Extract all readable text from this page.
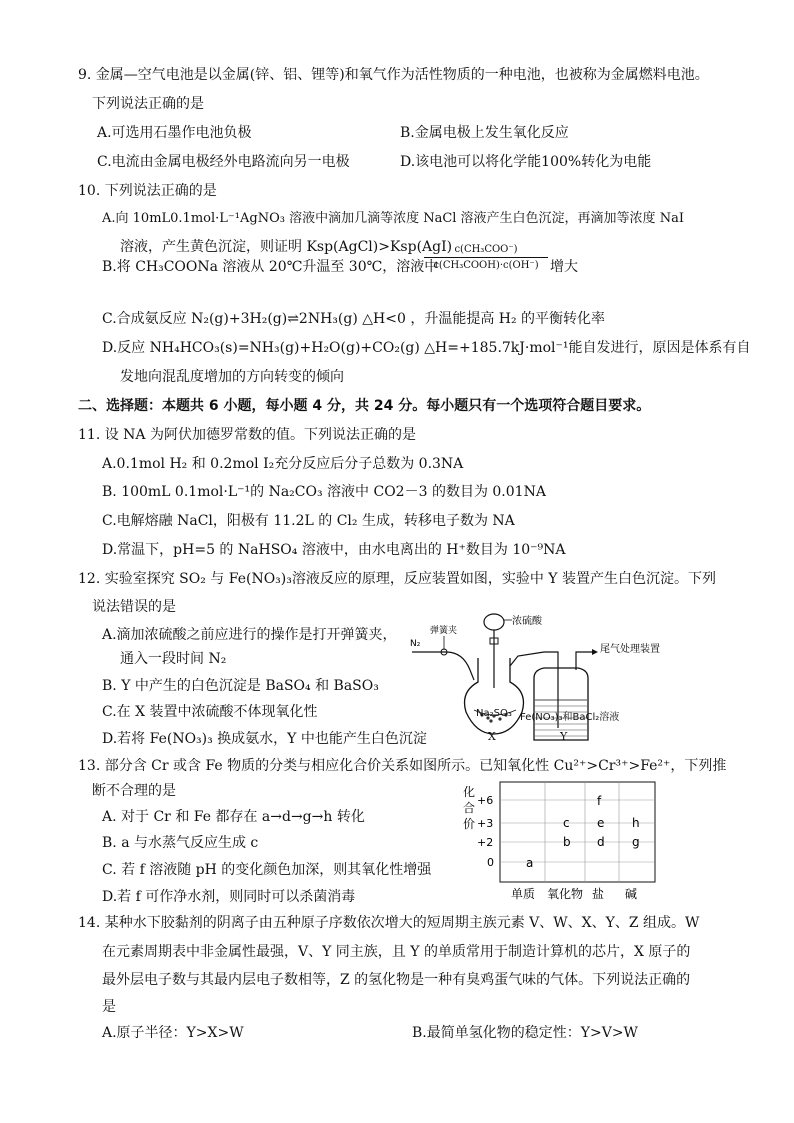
9. 金属—空气电池是以金属(锌、铝、锂等)和氧气作为活性物质的一种电池，也被称为金属燃料电池。
下列说法正确的是
A.可选用石墨作电池负极	B.金属电极上发生氧化反应
C.电流由金属电极经外电路流向另一电极	D.该电池可以将化学能100%转化为电能
10. 下列说法正确的是
A.向 10mL0.1mol·L⁻¹AgNO₃ 溶液中滴加几滴等浓度 NaCl 溶液产生白色沉淀，再滴加等浓度 NaI
溶液，产生黄色沉淀，则证明 Ksp(AgCl)>Ksp(AgI)
B.将 CH₃COONa 溶液从 20℃升温至 30℃，溶液中
c(CH₃COO⁻)
c(CH₃COOH)·c(OH⁻) 增大
C.合成氨反应 N₂(g)+3H₂(g)⇌2NH₃(g) △H<0 ，升温能提高 H₂ 的平衡转化率
D.反应 NH₄HCO₃(s)=NH₃(g)+H₂O(g)+CO₂(g) △H=+185.7kJ·mol⁻¹能自发进行，原因是体系有自
发地向混乱度增加的方向转变的倾向
二、选择题：本题共 6 小题，每小题 4 分，共 24 分。每小题只有一个选项符合题目要求。
11. 设 NA 为阿伏加德罗常数的值。下列说法正确的是
A.0.1mol H₂ 和 0.2mol I₂充分反应后分子总数为 0.3NA
B. 100mL 0.1mol·L⁻¹的 Na₂CO₃ 溶液中 CO2－3 的数目为 0.01NA
C.电解熔融 NaCl，阳极有 11.2L 的 Cl₂ 生成，转移电子数为 NA
D.常温下，pH=5 的 NaHSO₄ 溶液中，由水电离出的 H⁺数目为 10⁻⁹NA
12. 实验室探究 SO₂ 与 Fe(NO₃)₃溶液反应的原理，反应装置如图，实验中 Y 装置产生白色沉淀。下列
说法错误的是
A.滴加浓硫酸之前应进行的操作是打开弹簧夹，
通入一段时间 N₂
B. Y 中产生的白色沉淀是 BaSO₄ 和 BaSO₃
C.在 X 装置中浓硫酸不体现氧化性
D.若将 Fe(NO₃)₃ 换成氨水，Y 中也能产生白色沉淀
N₂
弹簧夹
浓硫酸
尾气处理装置
Na₂SO₃ Fe(NO₃)₃和BaCl₂溶液
X	Y
13. 部分含 Cr 或含 Fe 物质的分类与相应化合价关系如图所示。已知氧化性 Cu²⁺>Cr³⁺>Fe²⁺，下列推
断不合理的是
A. 对于 Cr 和 Fe 都存在 a→d→g→h 转化
B. a 与水蒸气反应生成 c
C. 若 f 溶液随 pH 的变化颜色加深，则其氧化性增强
D.若 f 可作净水剂，则同时可以杀菌消毒
化
合
价
+6
+3
+2
0	a
b
c
d
e
f
g
h
单质 氧化物 盐 碱
14. 某种水下胶黏剂的阴离子由五种原子序数依次增大的短周期主族元素 V、W、X、Y、Z 组成。W
在元素周期表中非金属性最强，V、Y 同主族，且 Y 的单质常用于制造计算机的芯片，X 原子的
最外层电子数与其最内层电子数相等，Z 的氢化物是一种有臭鸡蛋气味的气体。下列说法正确的
是
A.原子半径：Y>X>W	B.最简单氢化物的稳定性：Y>V>W
